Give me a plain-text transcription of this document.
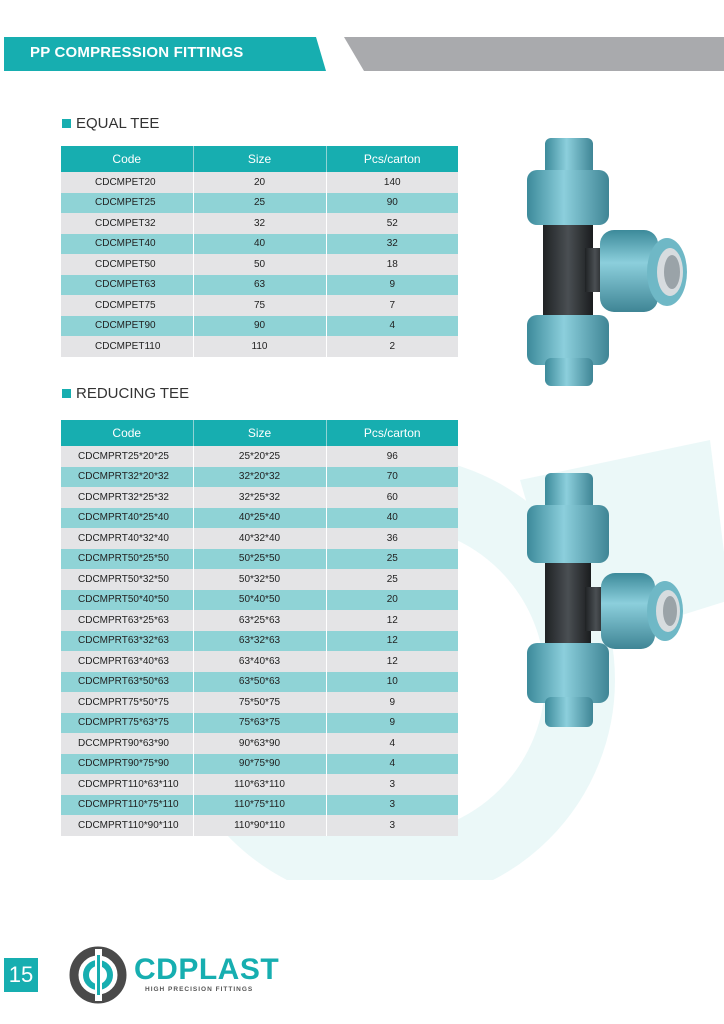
PP COMPRESSION FITTINGS
EQUAL TEE
Code	Size	Pcs/carton
CDCMPET20	20	140
CDCMPET25	25	90
CDCMPET32	32	52
CDCMPET40	40	32
CDCMPET50	50	18
CDCMPET63	63	9
CDCMPET75	75	7
CDCMPET90	90	4
CDCMPET110	110	2
REDUCING TEE
Code	Size	Pcs/carton
CDCMPRT25*20*25	25*20*25	96
CDCMPRT32*20*32	32*20*32	70
CDCMPRT32*25*32	32*25*32	60
CDCMPRT40*25*40	40*25*40	40
CDCMPRT40*32*40	40*32*40	36
CDCMPRT50*25*50	50*25*50	25
CDCMPRT50*32*50	50*32*50	25
CDCMPRT50*40*50	50*40*50	20
CDCMPRT63*25*63	63*25*63	12
CDCMPRT63*32*63	63*32*63	12
CDCMPRT63*40*63	63*40*63	12
CDCMPRT63*50*63	63*50*63	10
CDCMPRT75*50*75	75*50*75	9
CDCMPRT75*63*75	75*63*75	9
DCCMPRT90*63*90	90*63*90	4
CDCMPRT90*75*90	90*75*90	4
CDCMPRT110*63*110	110*63*110	3
CDCMPRT110*75*110	110*75*110	3
CDCMPRT110*90*110	110*90*110	3
15	CDPLAST
HIGH PRECISION FITTINGS
